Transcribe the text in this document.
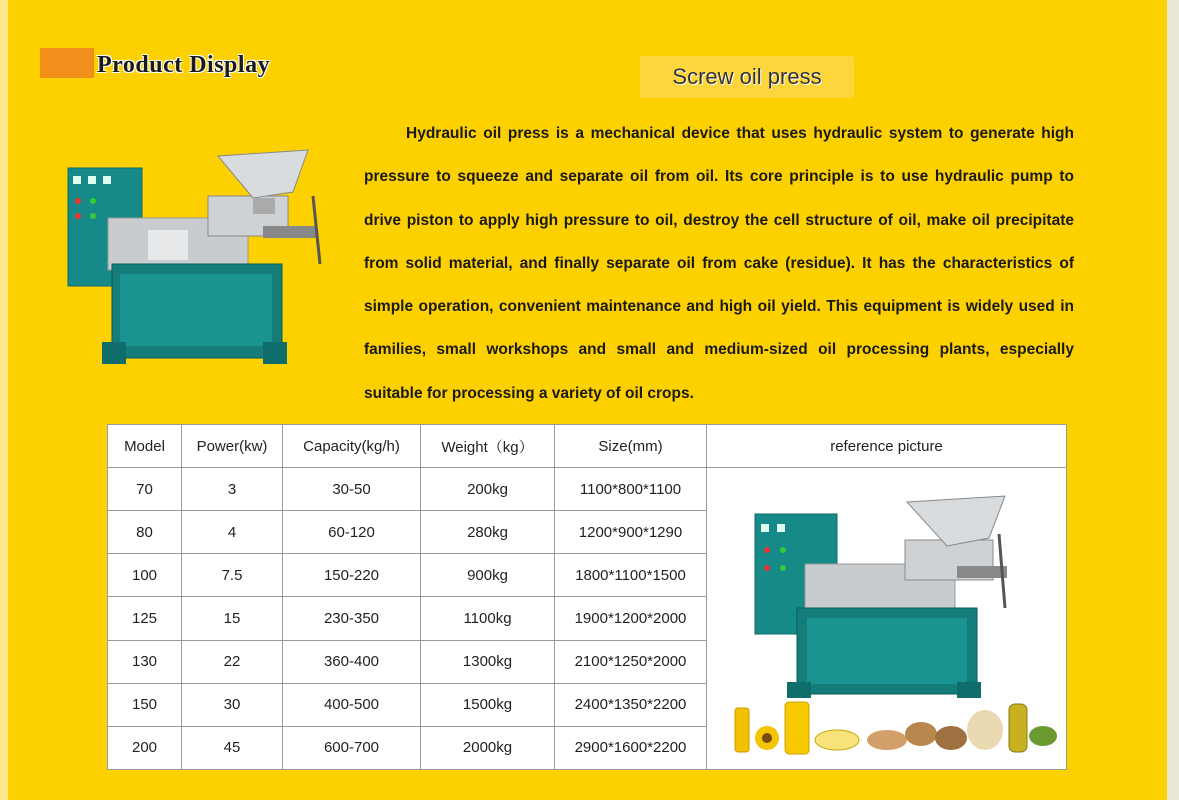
Product Display	Screw oil press

Hydraulic oil press is a mechanical device that uses hydraulic system to generate high pressure to squeeze and separate oil from oil. Its core principle is to use hydraulic pump to drive piston to apply high pressure to oil, destroy the cell structure of oil, make oil precipitate from solid material, and finally separate oil from cake (residue). It has the characteristics of simple operation, convenient maintenance and high oil yield. This equipment is widely used in families, small workshops and small and medium-sized oil processing plants, especially suitable for processing a variety of oil crops.

Model	Power(kw)	Capacity(kg/h)	Weight（kg）	Size(mm)	reference picture
70	3	30-50	200kg	1100*800*1100	

80	4	60-120	280kg	1200*900*1290	
100	7.5	150-220	900kg	1800*1100*1500	
125	15	230-350	1100kg	1900*1200*2000	
130	22	360-400	1300kg	2100*1250*2000	
150	30	400-500	1500kg	2400*1350*2200	
200	45	600-700	2000kg	2900*1600*2200	
